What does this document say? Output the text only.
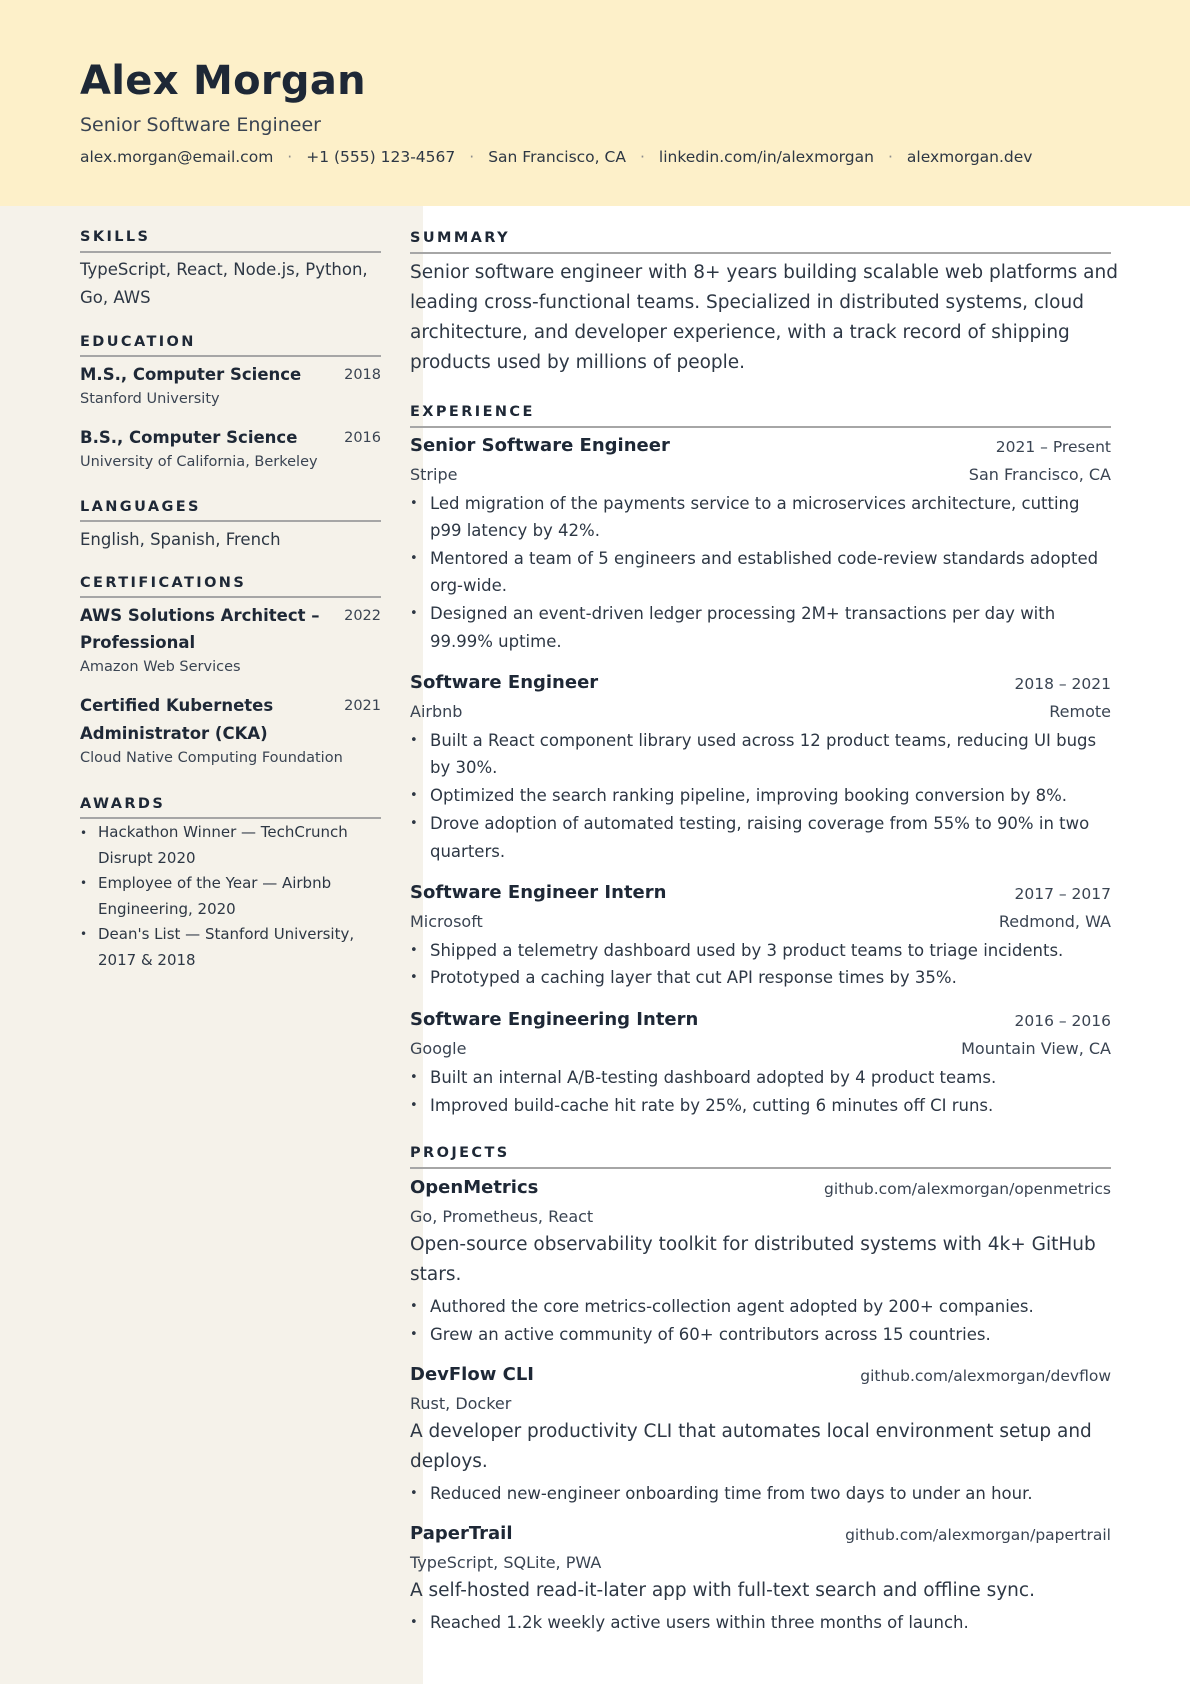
Alex Morgan
Senior Software Engineer
alex.morgan@email.com · +1 (555) 123-4567 · San Francisco, CA · linkedin.com/in/alexmorgan · alexmorgan.dev
SKILLS
TypeScript, React, Node.js, Python,
Go, AWS
EDUCATION
M.S., Computer Science	2018
Stanford University
B.S., Computer Science	2016
University of California, Berkeley
LANGUAGES
English, Spanish, French
CERTIFICATIONS
AWS Solutions Architect –	2022
Professional
Amazon Web Services
Certified Kubernetes	2021
Administrator (CKA)
Cloud Native Computing Foundation
AWARDS
• Hackathon Winner — TechCrunch
Disrupt 2020
• Employee of the Year — Airbnb
Engineering, 2020
• Dean's List — Stanford University,
2017 & 2018
SUMMARY
Senior software engineer with 8+ years building scalable web platforms and
leading cross-functional teams. Specialized in distributed systems, cloud
architecture, and developer experience, with a track record of shipping
products used by millions of people.
EXPERIENCE
Senior Software Engineer	2021 – Present
Stripe	San Francisco, CA
• Led migration of the payments service to a microservices architecture, cutting
p99 latency by 42%.
• Mentored a team of 5 engineers and established code-review standards adopted
org-wide.
• Designed an event-driven ledger processing 2M+ transactions per day with
99.99% uptime.
Software Engineer	2018 – 2021
Airbnb	Remote
• Built a React component library used across 12 product teams, reducing UI bugs
by 30%.
• Optimized the search ranking pipeline, improving booking conversion by 8%.
• Drove adoption of automated testing, raising coverage from 55% to 90% in two
quarters.
Software Engineer Intern	2017 – 2017
Microsoft	Redmond, WA
• Shipped a telemetry dashboard used by 3 product teams to triage incidents.
• Prototyped a caching layer that cut API response times by 35%.
Software Engineering Intern	2016 – 2016
Google	Mountain View, CA
• Built an internal A/B-testing dashboard adopted by 4 product teams.
• Improved build-cache hit rate by 25%, cutting 6 minutes off CI runs.
PROJECTS
OpenMetrics	github.com/alexmorgan/openmetrics
Go, Prometheus, React
Open-source observability toolkit for distributed systems with 4k+ GitHub
stars.
• Authored the core metrics-collection agent adopted by 200+ companies.
• Grew an active community of 60+ contributors across 15 countries.
DevFlow CLI	github.com/alexmorgan/devflow
Rust, Docker
A developer productivity CLI that automates local environment setup and
deploys.
• Reduced new-engineer onboarding time from two days to under an hour.
PaperTrail	github.com/alexmorgan/papertrail
TypeScript, SQLite, PWA
A self-hosted read-it-later app with full-text search and offline sync.
• Reached 1.2k weekly active users within three months of launch.
